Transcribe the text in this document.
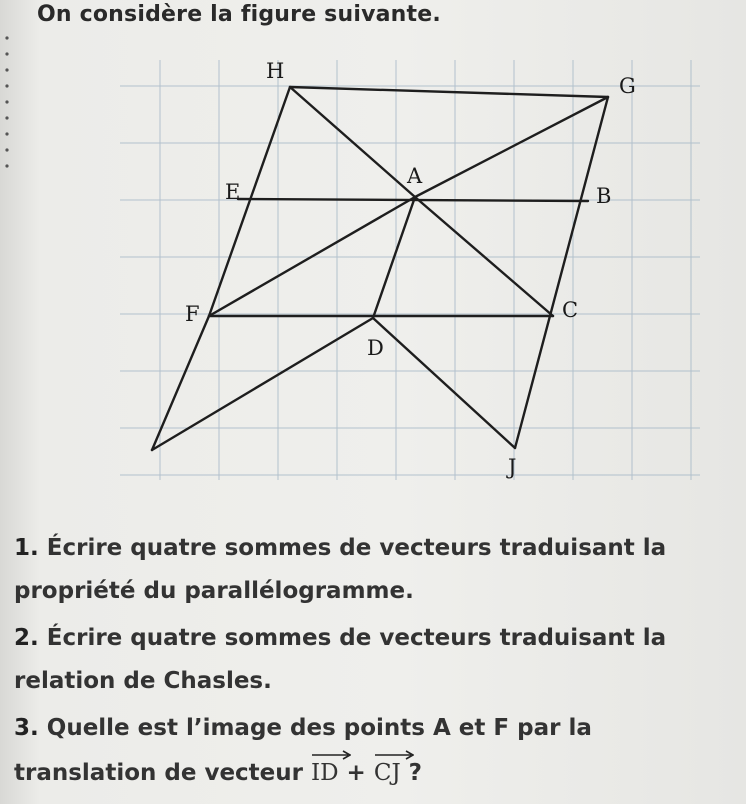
On considère la figure suivante.
H
G
E
A
B
F	C
D
J
1. Écrire quatre sommes de vecteurs traduisant la
propriété du parallélogramme.
2. Écrire quatre sommes de vecteurs traduisant la
relation de Chasles.
3. Quelle est l’image des points A et F par la
translation de vecteur
ID +
CJ ?
